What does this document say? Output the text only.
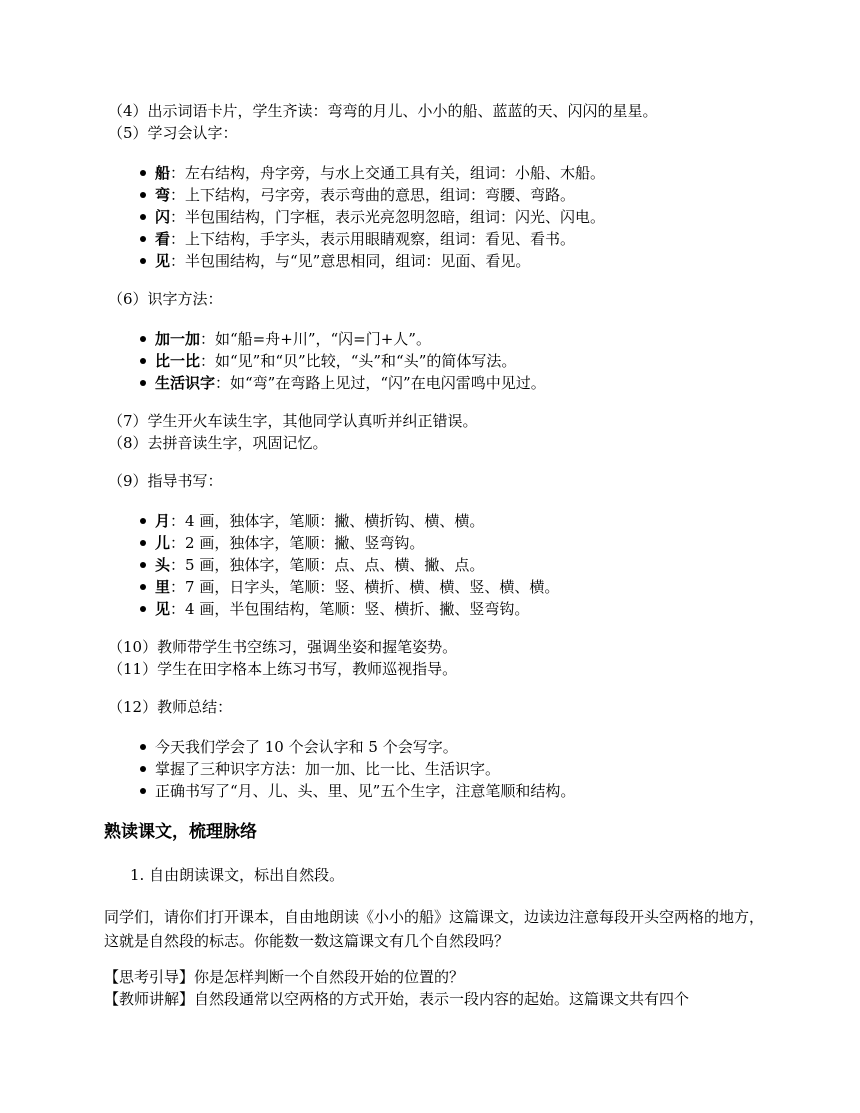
（4）出示词语卡片，学生齐读：弯弯的月儿、小小的船、蓝蓝的天、闪闪的星星。
（5）学习会认字：
船：左右结构，舟字旁，与水上交通工具有关，组词：小船、木船。
弯：上下结构，弓字旁，表示弯曲的意思，组词：弯腰、弯路。
闪：半包围结构，门字框，表示光亮忽明忽暗，组词：闪光、闪电。
看：上下结构，手字头，表示用眼睛观察，组词：看见、看书。
见：半包围结构，与“见”意思相同，组词：见面、看见。
（6）识字方法：
加一加：如“船=舟+川”，“闪=门+人”。
比一比：如“见”和“贝”比较，“头”和“头”的简体写法。
生活识字：如“弯”在弯路上见过，“闪”在电闪雷鸣中见过。
（7）学生开火车读生字，其他同学认真听并纠正错误。
（8）去拼音读生字，巩固记忆。
（9）指导书写：
月：4 画，独体字，笔顺：撇、横折钩、横、横。
儿：2 画，独体字，笔顺：撇、竖弯钩。
头：5 画，独体字，笔顺：点、点、横、撇、点。
里：7 画，日字头，笔顺：竖、横折、横、横、竖、横、横。
见：4 画，半包围结构，笔顺：竖、横折、撇、竖弯钩。
（10）教师带学生书空练习，强调坐姿和握笔姿势。
（11）学生在田字格本上练习书写，教师巡视指导。
（12）教师总结：
今天我们学会了 10 个会认字和 5 个会写字。
掌握了三种识字方法：加一加、比一比、生活识字。
正确书写了“月、儿、头、里、见”五个生字，注意笔顺和结构。
熟读课文，梳理脉络
1. 自由朗读课文，标出自然段。
同学们，请你们打开课本，自由地朗读《小小的船》这篇课文，边读边注意每段开头空两格的地方，这就是自然段的标志。你能数一数这篇课文有几个自然段吗？
【思考引导】你是怎样判断一个自然段开始的位置的？
【教师讲解】自然段通常以空两格的方式开始，表示一段内容的起始。这篇课文共有四个
